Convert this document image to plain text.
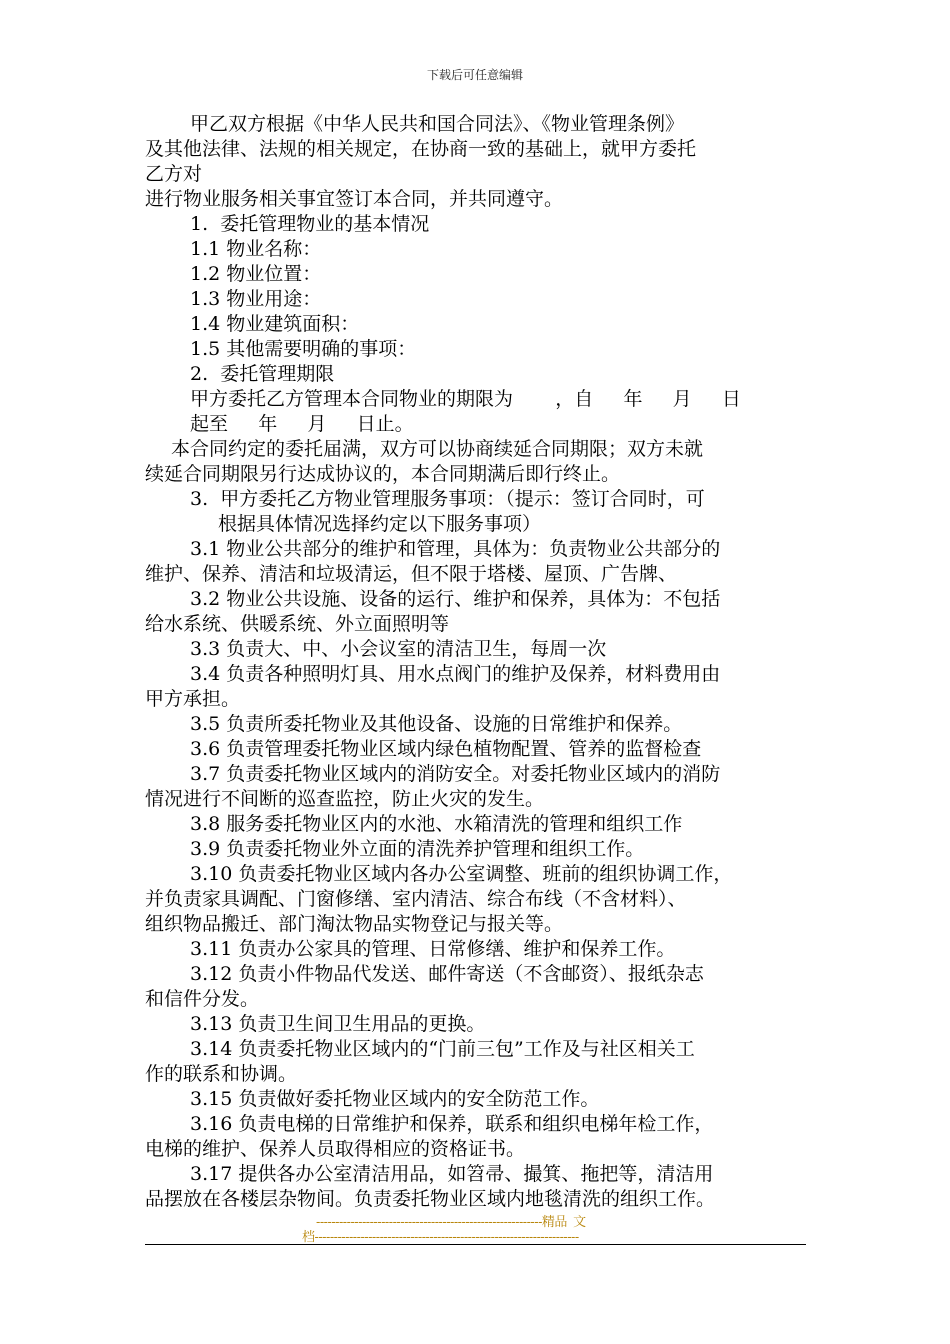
下载后可任意编辑

甲乙双方根据《中华人民共和国合同法》、《物业管理条例》

及其他法律、法规的相关规定，在协商一致的基础上，就甲方委托

乙方对

进行物业服务相关事宜签订本合同，并共同遵守。

1.  委托管理物业的基本情况

1.1 物业名称：

1.2 物业位置：

1.3 物业用途：

1.4 物业建筑面积：

1.5 其他需要明确的事项：

2.  委托管理期限

甲方委托乙方管理本合同物业的期限为       ，自     年     月     日

起至     年     月     日止。

本合同约定的委托届满，双方可以协商续延合同期限；双方未就

续延合同期限另行达成协议的，本合同期满后即行终止。

3.  甲方委托乙方物业管理服务事项：（提示：签订合同时，可

根据具体情况选择约定以下服务事项）

3.1 物业公共部分的维护和管理，具体为：负责物业公共部分的

维护、保养、清洁和垃圾清运，但不限于塔楼、屋顶、广告牌、

3.2 物业公共设施、设备的运行、维护和保养，具体为：不包括

给水系统、供暖系统、外立面照明等

3.3 负责大、中、小会议室的清洁卫生，每周一次

3.4 负责各种照明灯具、用水点阀门的维护及保养，材料费用由

甲方承担。

3.5 负责所委托物业及其他设备、设施的日常维护和保养。

3.6 负责管理委托物业区域内绿色植物配置、管养的监督检查

3.7 负责委托物业区域内的消防安全。对委托物业区域内的消防

情况进行不间断的巡查监控，防止火灾的发生。

3.8 服务委托物业区内的水池、水箱清洗的管理和组织工作

3.9 负责委托物业外立面的清洗养护管理和组织工作。

3.10 负责委托物业区域内各办公室调整、班前的组织协调工作，

并负责家具调配、门窗修缮、室内清洁、综合布线（不含材料）、

组织物品搬迁、部门淘汰物品实物登记与报关等。

3.11 负责办公家具的管理、日常修缮、维护和保养工作。

3.12 负责小件物品代发送、邮件寄送（不含邮资）、报纸杂志

和信件分发。

3.13 负责卫生间卫生用品的更换。

3.14 负责委托物业区域内的“门前三包”工作及与社区相关工

作的联系和协调。

3.15 负责做好委托物业区域内的安全防范工作。

3.16 负责电梯的日常维护和保养，联系和组织电梯年检工作，

电梯的维护、保养人员取得相应的资格证书。

3.17 提供各办公室清洁用品，如笤帚、撮箕、拖把等，清洁用

品摆放在各楼层杂物间。负责委托物业区域内地毯清洗的组织工作。

-----------------------------------------------------------精品  文
档---------------------------------------------------------------------
